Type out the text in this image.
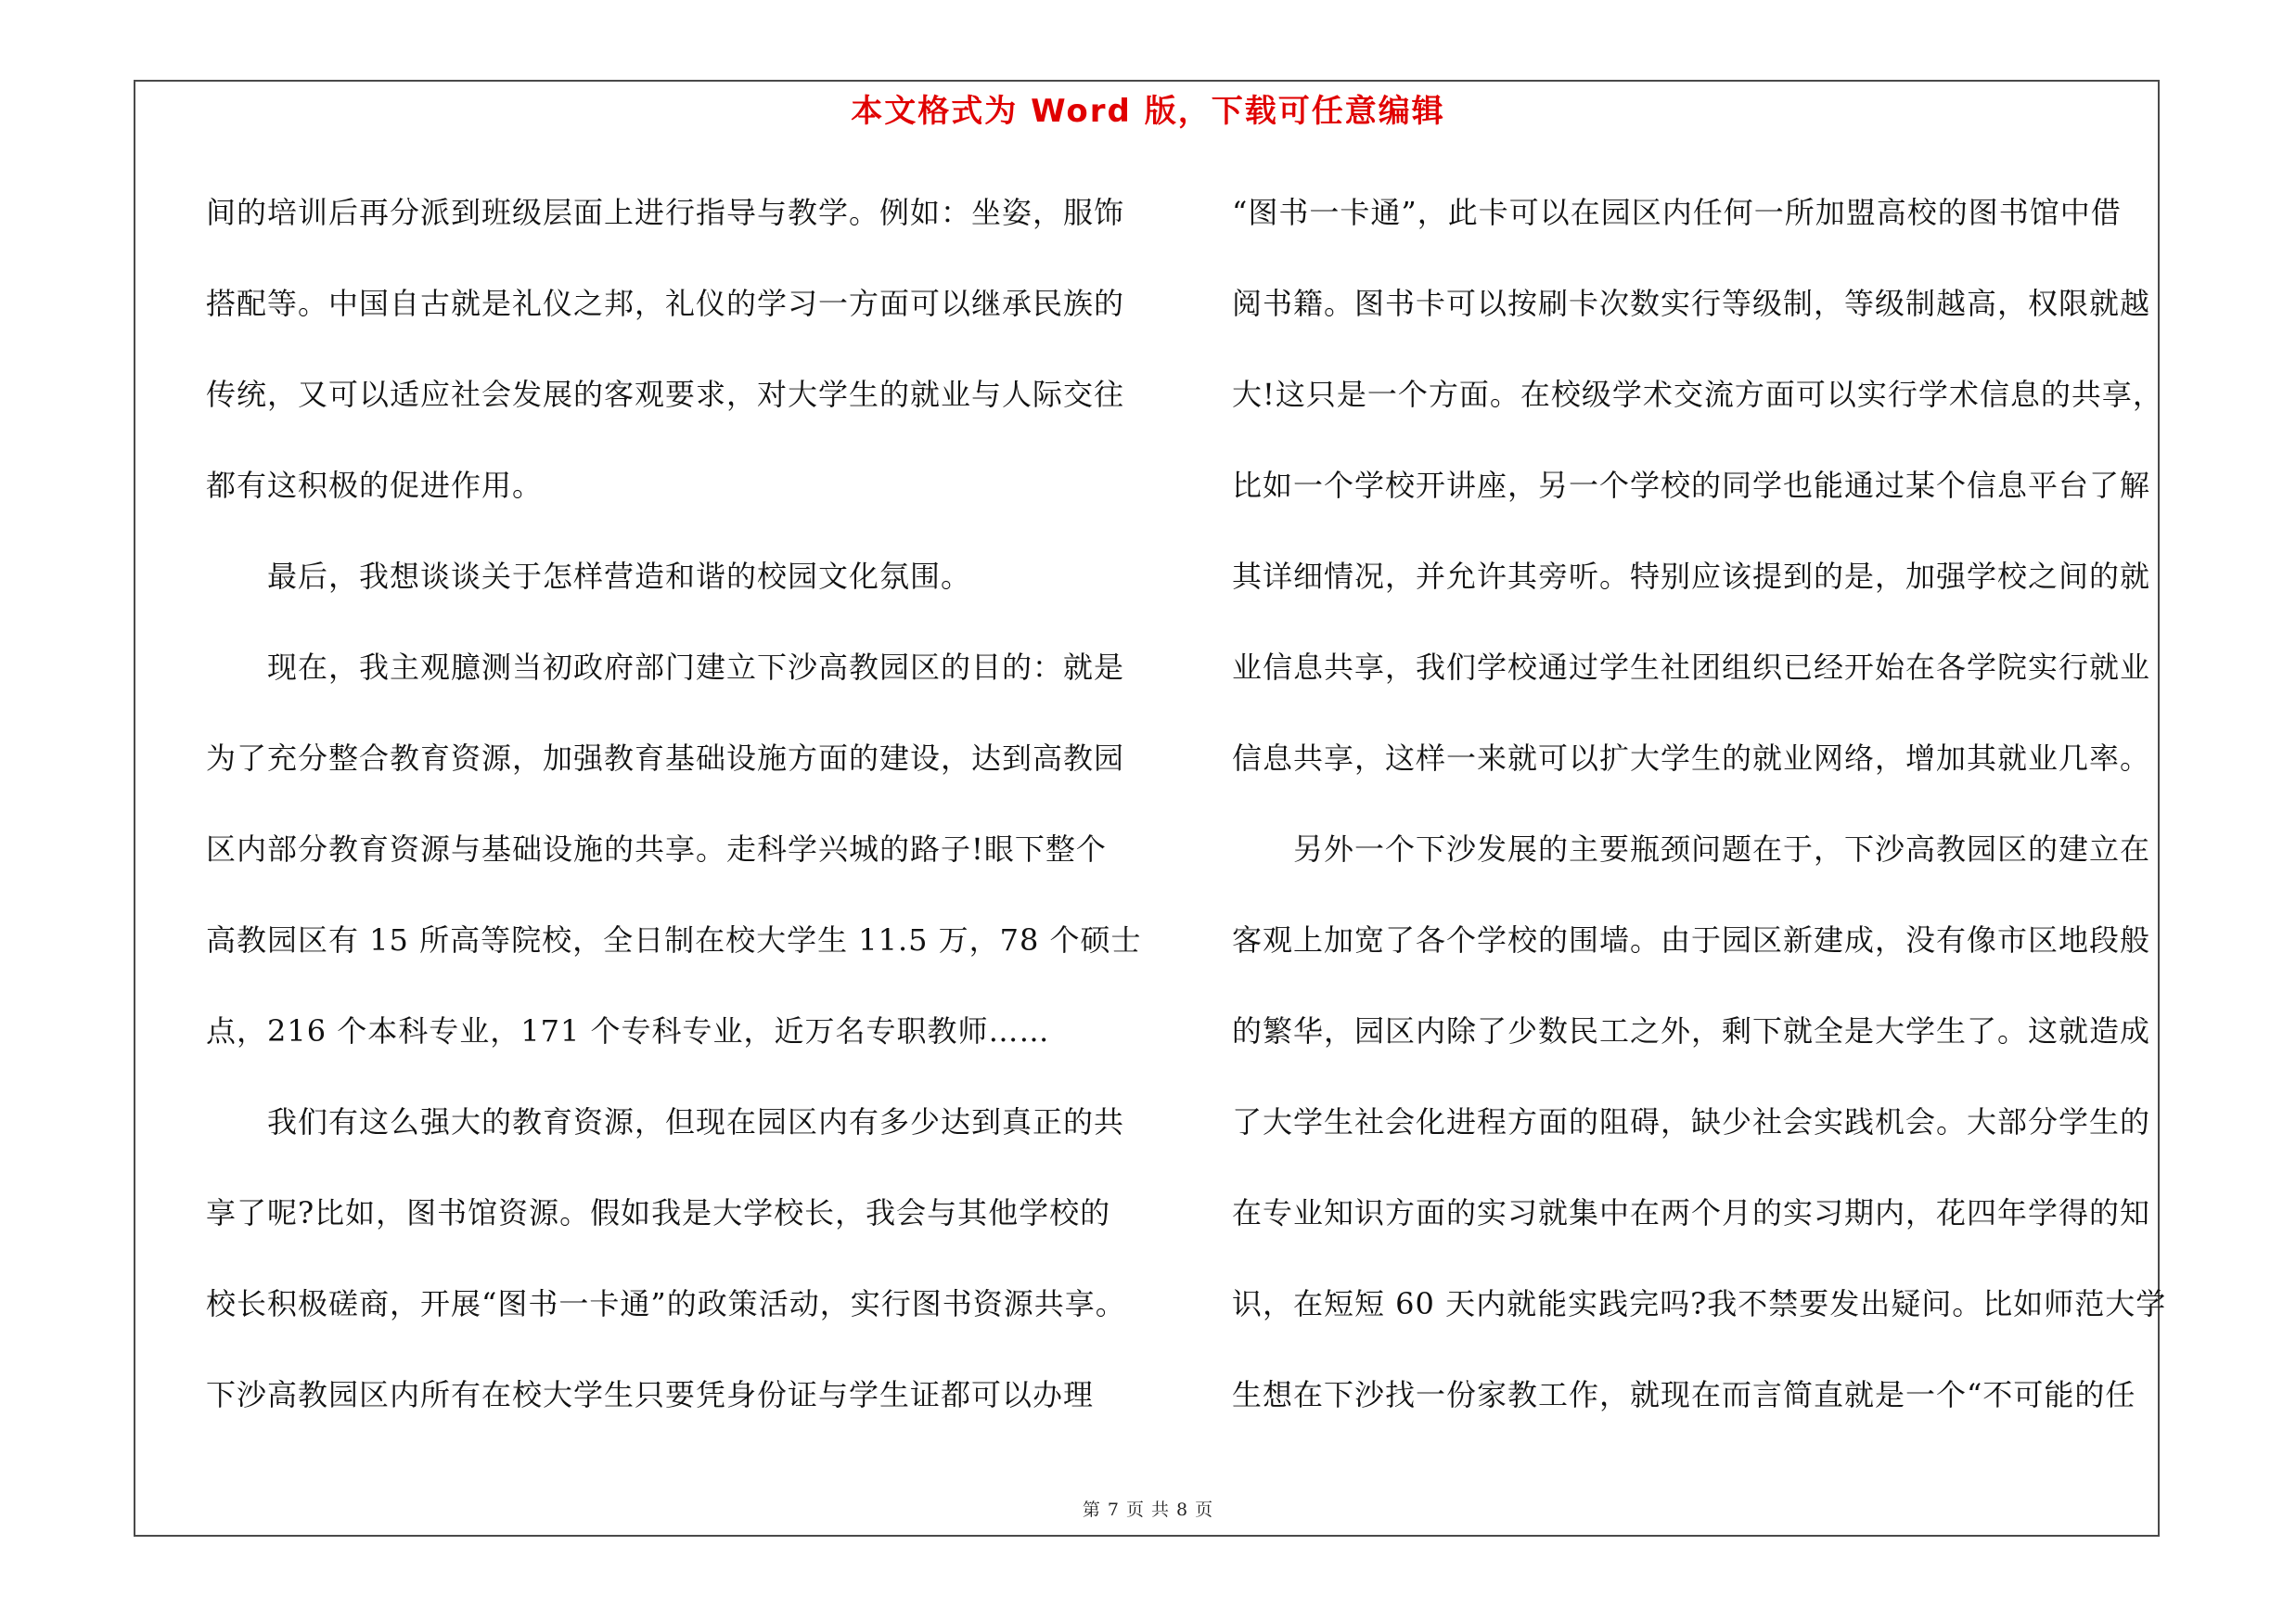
本文格式为 Word 版，下载可任意编辑
间的培训后再分派到班级层面上进行指导与教学。例如：坐姿，服饰
搭配等。中国自古就是礼仪之邦，礼仪的学习一方面可以继承民族的
传统，又可以适应社会发展的客观要求，对大学生的就业与人际交往
都有这积极的促进作用。
最后，我想谈谈关于怎样营造和谐的校园文化氛围。
现在，我主观臆测当初政府部门建立下沙高教园区的目的：就是
为了充分整合教育资源，加强教育基础设施方面的建设，达到高教园
区内部分教育资源与基础设施的共享。走科学兴城的路子!眼下整个
高教园区有 15 所高等院校，全日制在校大学生 11.5 万，78 个硕士
点，216 个本科专业，171 个专科专业，近万名专职教师……
我们有这么强大的教育资源，但现在园区内有多少达到真正的共
享了呢?比如，图书馆资源。假如我是大学校长，我会与其他学校的
校长积极磋商，开展“图书一卡通”的政策活动，实行图书资源共享。
下沙高教园区内所有在校大学生只要凭身份证与学生证都可以办理
“图书一卡通”，此卡可以在园区内任何一所加盟高校的图书馆中借
阅书籍。图书卡可以按刷卡次数实行等级制，等级制越高，权限就越
大!这只是一个方面。在校级学术交流方面可以实行学术信息的共享，
比如一个学校开讲座，另一个学校的同学也能通过某个信息平台了解
其详细情况，并允许其旁听。特别应该提到的是，加强学校之间的就
业信息共享，我们学校通过学生社团组织已经开始在各学院实行就业
信息共享，这样一来就可以扩大学生的就业网络，增加其就业几率。
另外一个下沙发展的主要瓶颈问题在于，下沙高教园区的建立在
客观上加宽了各个学校的围墙。由于园区新建成，没有像市区地段般
的繁华，园区内除了少数民工之外，剩下就全是大学生了。这就造成
了大学生社会化进程方面的阻碍，缺少社会实践机会。大部分学生的
在专业知识方面的实习就集中在两个月的实习期内，花四年学得的知
识，在短短 60 天内就能实践完吗?我不禁要发出疑问。比如师范大学
生想在下沙找一份家教工作，就现在而言简直就是一个“不可能的任
第 7 页 共 8 页
